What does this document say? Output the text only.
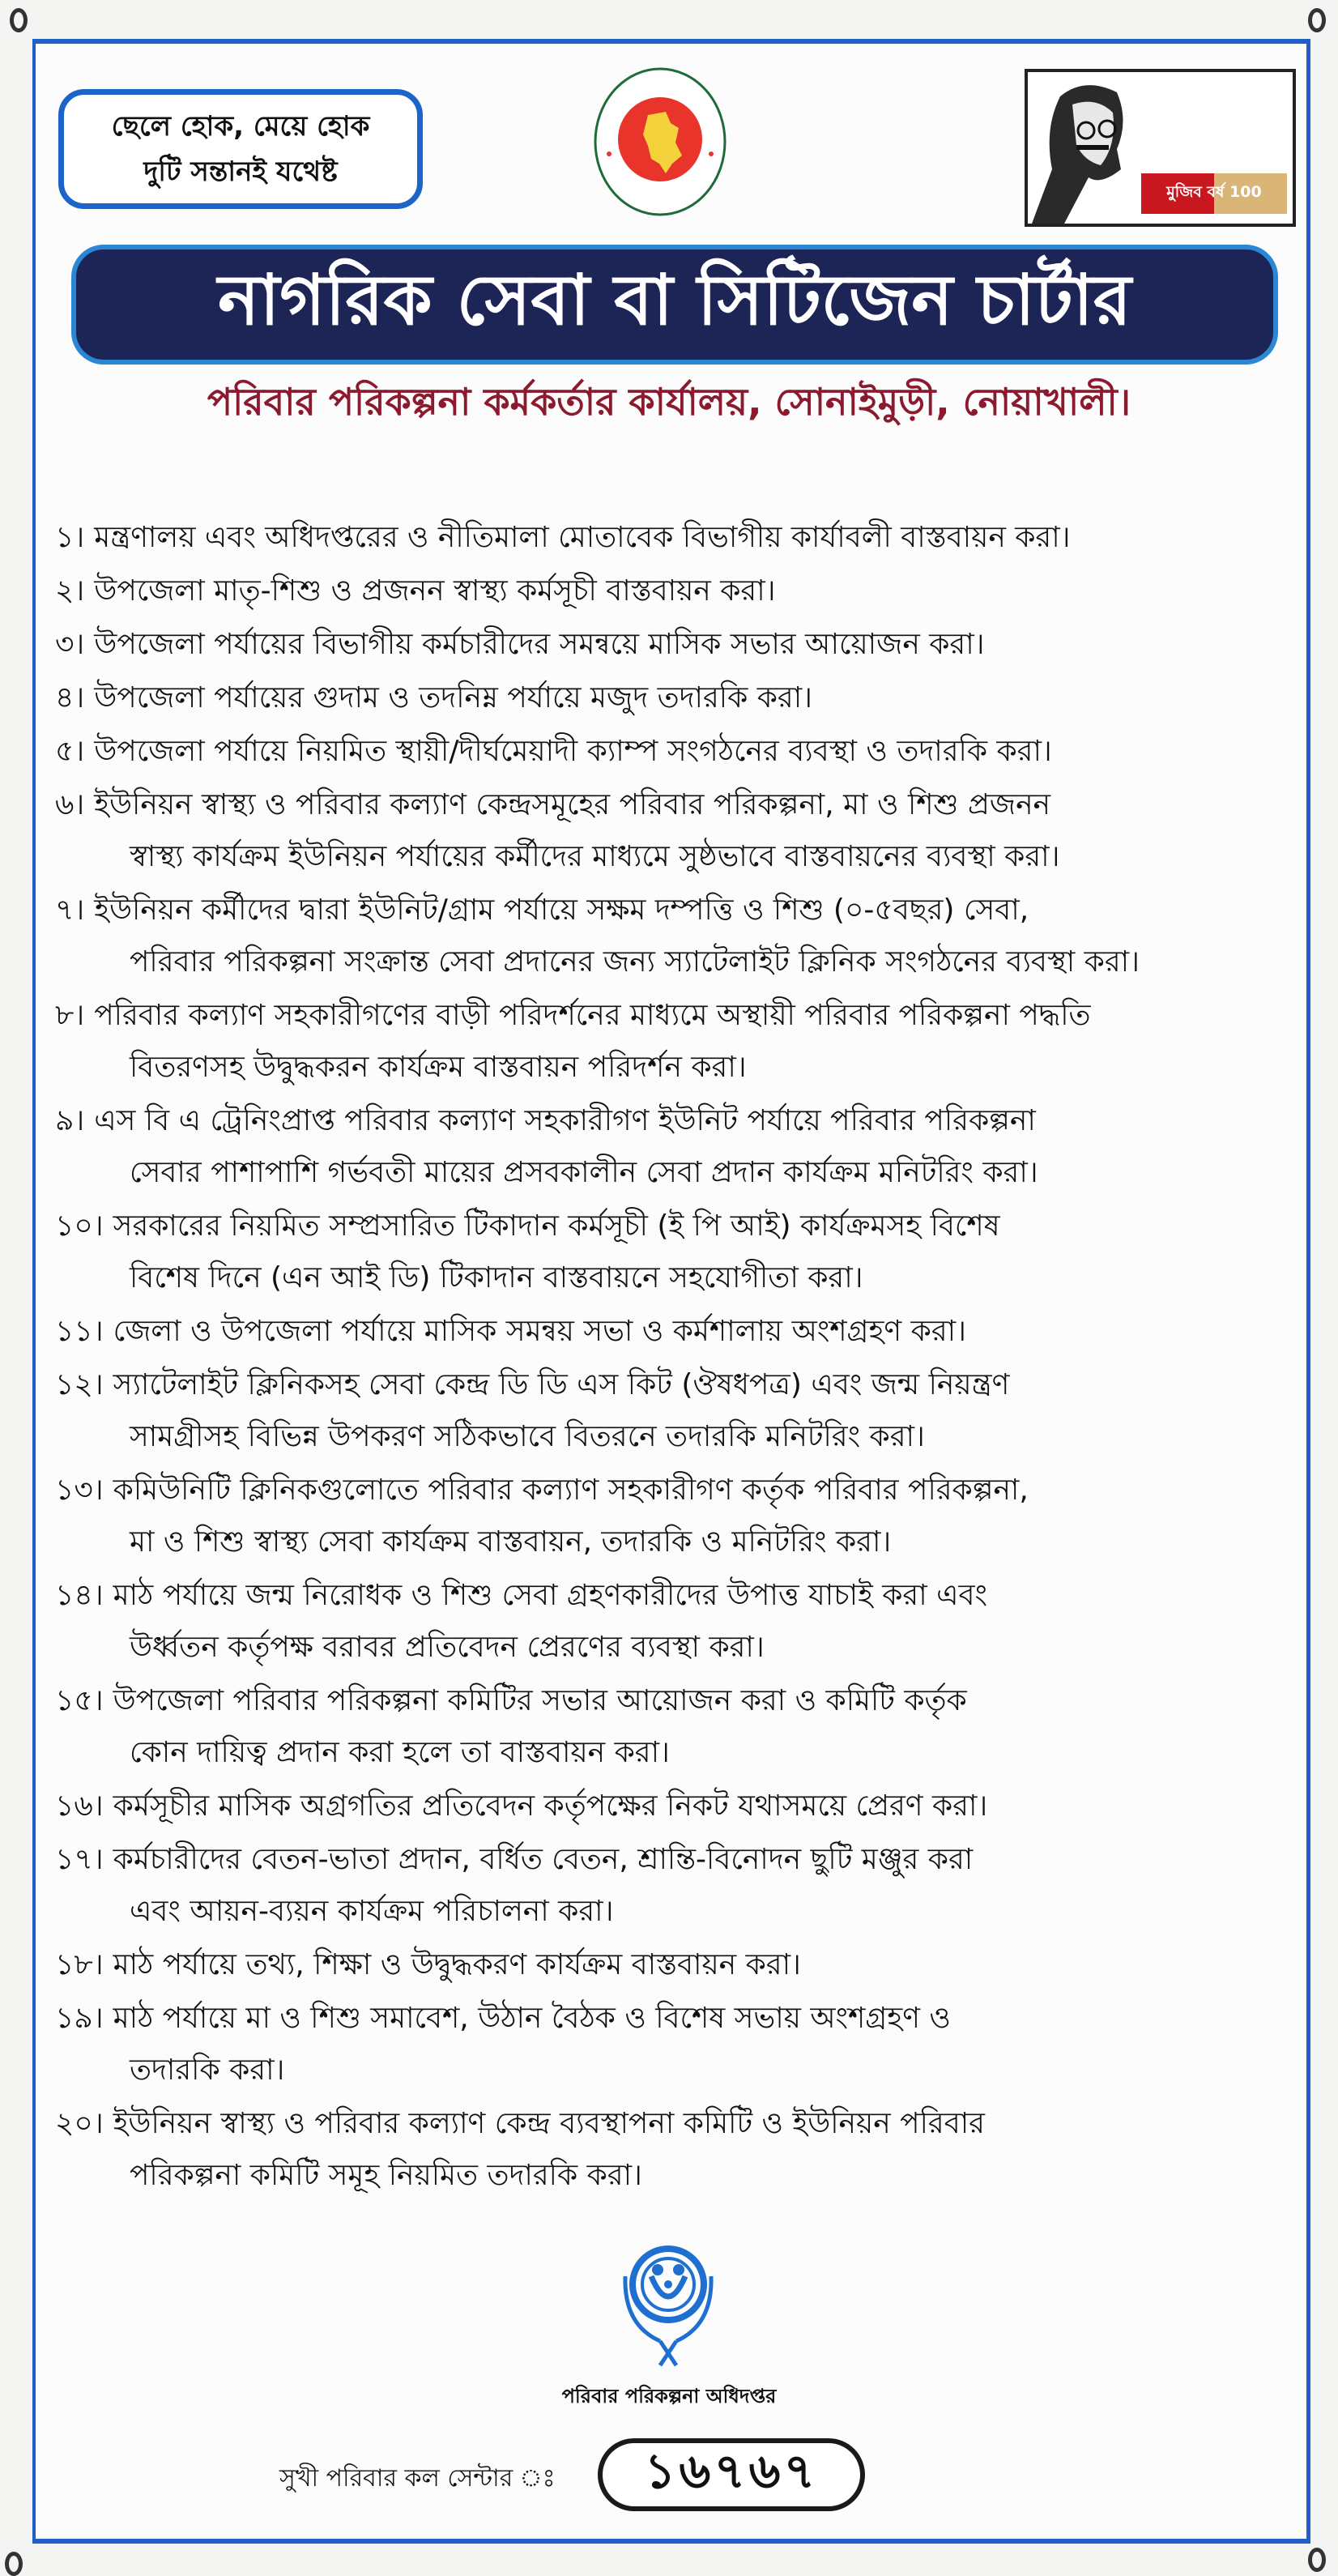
ছেলে হোক, মেয়ে হোক
দুটি সন্তানই যথেষ্ট
মুজিব বর্ষ 100
নাগরিক সেবা বা সিটিজেন চার্টার
পরিবার পরিকল্পনা কর্মকর্তার কার্যালয়, সোনাইমুড়ী, নোয়াখালী।
১। মন্ত্রণালয় এবং অধিদপ্তরের ও নীতিমালা মোতাবেক বিভাগীয় কার্যাবলী বাস্তবায়ন করা।
২। উপজেলা মাতৃ-শিশু ও প্রজনন স্বাস্থ্য কর্মসূচী বাস্তবায়ন করা।
৩। উপজেলা পর্যায়ের বিভাগীয় কর্মচারীদের সমন্বয়ে মাসিক সভার আয়োজন করা।
৪। উপজেলা পর্যায়ের গুদাম ও তদনিম্ন পর্যায়ে মজুদ তদারকি করা।
৫। উপজেলা পর্যায়ে নিয়মিত স্থায়ী/দীর্ঘমেয়াদী ক্যাম্প সংগঠনের ব্যবস্থা ও তদারকি করা।
৬। ইউনিয়ন স্বাস্থ্য ও পরিবার কল্যাণ কেন্দ্রসমূহের পরিবার পরিকল্পনা, মা ও শিশু প্রজনন
স্বাস্থ্য কার্যক্রম ইউনিয়ন পর্যায়ের কর্মীদের মাধ্যমে সুষ্ঠভাবে বাস্তবায়নের ব্যবস্থা করা।
৭। ইউনিয়ন কর্মীদের দ্বারা ইউনিট/গ্রাম পর্যায়ে সক্ষম দম্পত্তি ও শিশু (০-৫বছর) সেবা,
পরিবার পরিকল্পনা সংক্রান্ত সেবা প্রদানের জন্য স্যাটেলাইট ক্লিনিক সংগঠনের ব্যবস্থা করা।
৮। পরিবার কল্যাণ সহকারীগণের বাড়ী পরিদর্শনের মাধ্যমে অস্থায়ী পরিবার পরিকল্পনা পদ্ধতি
বিতরণসহ উদ্বুদ্ধকরন কার্যক্রম বাস্তবায়ন পরিদর্শন করা।
৯। এস বি এ ট্রেনিংপ্রাপ্ত পরিবার কল্যাণ সহকারীগণ ইউনিট পর্যায়ে পরিবার পরিকল্পনা
সেবার পাশাপাশি গর্ভবতী মায়ের প্রসবকালীন সেবা প্রদান কার্যক্রম মনিটরিং করা।
১০। সরকারের নিয়মিত সম্প্রসারিত টিকাদান কর্মসূচী (ই পি আই) কার্যক্রমসহ বিশেষ
বিশেষ দিনে (এন আই ডি) টিকাদান বাস্তবায়নে সহযোগীতা করা।
১১। জেলা ও উপজেলা পর্যায়ে মাসিক সমন্বয় সভা ও কর্মশালায় অংশগ্রহণ করা।
১২। স্যাটেলাইট ক্লিনিকসহ সেবা কেন্দ্র ডি ডি এস কিট (ঔষধপত্র) এবং জন্ম নিয়ন্ত্রণ
সামগ্রীসহ বিভিন্ন উপকরণ সঠিকভাবে বিতরনে তদারকি মনিটরিং করা।
১৩। কমিউনিটি ক্লিনিকগুলোতে পরিবার কল্যাণ সহকারীগণ কর্তৃক পরিবার পরিকল্পনা,
মা ও শিশু স্বাস্থ্য সেবা কার্যক্রম বাস্তবায়ন, তদারকি ও মনিটরিং করা।
১৪। মাঠ পর্যায়ে জন্ম নিরোধক ও শিশু সেবা গ্রহণকারীদের উপাত্ত যাচাই করা এবং
উর্ধ্বতন কর্তৃপক্ষ বরাবর প্রতিবেদন প্রেরণের ব্যবস্থা করা।
১৫। উপজেলা পরিবার পরিকল্পনা কমিটির সভার আয়োজন করা ও কমিটি কর্তৃক
কোন দায়িত্ব প্রদান করা হলে তা বাস্তবায়ন করা।
১৬। কর্মসূচীর মাসিক অগ্রগতির প্রতিবেদন কর্তৃপক্ষের নিকট যথাসময়ে প্রেরণ করা।
১৭। কর্মচারীদের বেতন-ভাতা প্রদান, বর্ধিত বেতন, শ্রান্তি-বিনোদন ছুটি মঞ্জুর করা
এবং আয়ন-ব্যয়ন কার্যক্রম পরিচালনা করা।
১৮। মাঠ পর্যায়ে তথ্য, শিক্ষা ও উদ্বুদ্ধকরণ কার্যক্রম বাস্তবায়ন করা।
১৯। মাঠ পর্যায়ে মা ও শিশু সমাবেশ, উঠান বৈঠক ও বিশেষ সভায় অংশগ্রহণ ও
তদারকি করা।
২০। ইউনিয়ন স্বাস্থ্য ও পরিবার কল্যাণ কেন্দ্র ব্যবস্থাপনা কমিটি ও ইউনিয়ন পরিবার
পরিকল্পনা কমিটি সমূহ নিয়মিত তদারকি করা।
পরিবার পরিকল্পনা অধিদপ্তর
সুখী পরিবার কল সেন্টার ঃ ১৬৭৬৭
